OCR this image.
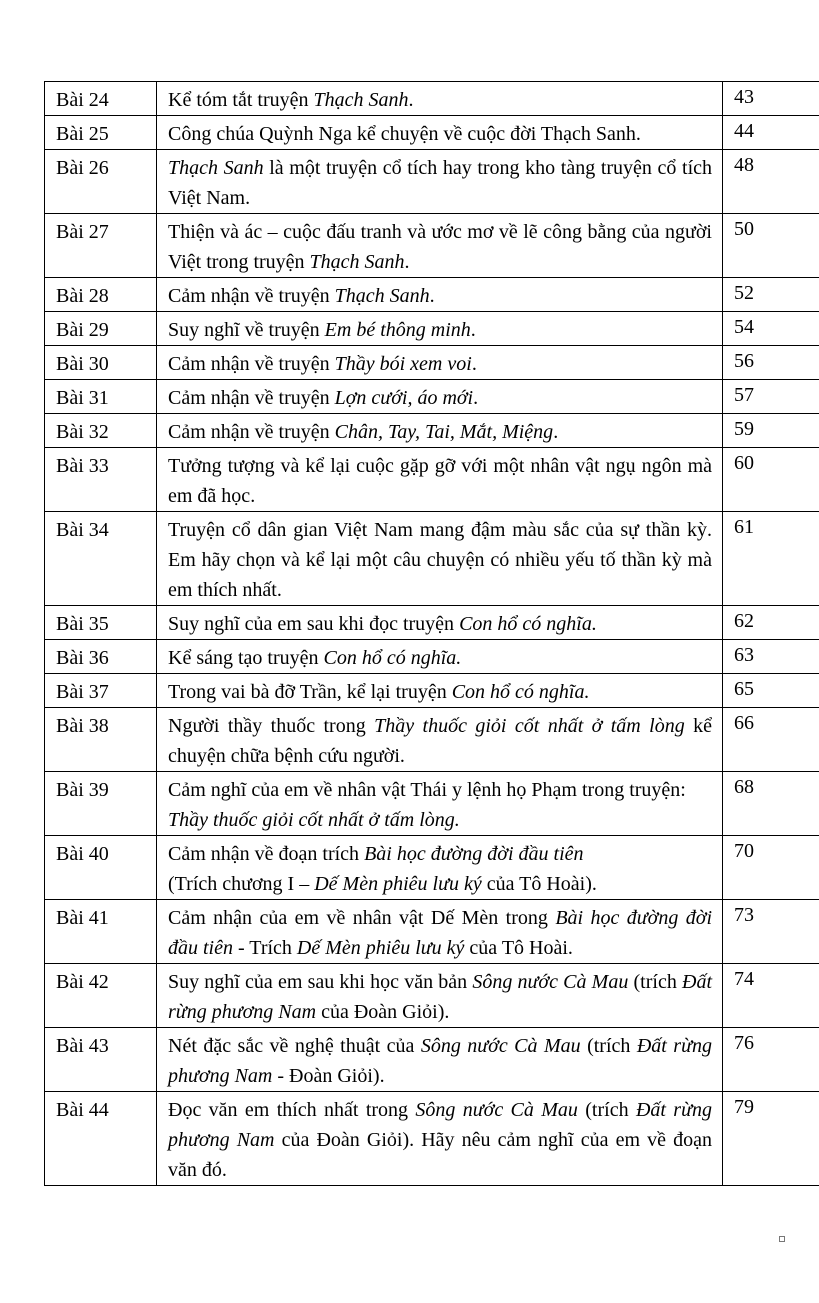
Bài 24	Kể tóm tắt truyện Thạch Sanh.	43
Bài 25	Công chúa Quỳnh Nga kể chuyện về cuộc đời Thạch Sanh.	44
Bài 26	Thạch Sanh là một truyện cổ tích hay trong kho tàng truyện cổ tích Việt Nam.	48
Bài 27	Thiện và ác – cuộc đấu tranh và ước mơ về lẽ công bằng của người Việt trong truyện Thạch Sanh.	50
Bài 28	Cảm nhận về truyện Thạch Sanh.	52
Bài 29	Suy nghĩ về truyện Em bé thông minh.	54
Bài 30	Cảm nhận về truyện Thầy bói xem voi.	56
Bài 31	Cảm nhận về truyện Lợn cưới, áo mới.	57
Bài 32	Cảm nhận về truyện Chân, Tay, Tai, Mắt, Miệng.	59
Bài 33	Tưởng tượng và kể lại cuộc gặp gỡ với một nhân vật ngụ ngôn mà em đã học.	60
Bài 34	Truyện cổ dân gian Việt Nam mang đậm màu sắc của sự thần kỳ. Em hãy chọn và kể lại một câu chuyện có nhiều yếu tố thần kỳ mà em thích nhất.	61
Bài 35	Suy nghĩ của em sau khi đọc truyện Con hổ có nghĩa.	62
Bài 36	Kể sáng tạo truyện Con hổ có nghĩa.	63
Bài 37	Trong vai bà đỡ Trần, kể lại truyện Con hổ có nghĩa.	65
Bài 38	Người thầy thuốc trong Thầy thuốc giỏi cốt nhất ở tấm lòng kể chuyện chữa bệnh cứu người.	66
Bài 39	Cảm nghĩ của em về nhân vật Thái y lệnh họ Phạm trong truyện:
Thầy thuốc giỏi cốt nhất ở tấm lòng.	68
Bài 40	Cảm nhận về đoạn trích Bài học đường đời đầu tiên
(Trích chương I – Dế Mèn phiêu lưu ký của Tô Hoài).	70
Bài 41	Cảm nhận của em về nhân vật Dế Mèn trong Bài học đường đời đầu tiên - Trích Dế Mèn phiêu lưu ký của Tô Hoài.	73
Bài 42	Suy nghĩ của em sau khi học văn bản Sông nước Cà Mau (trích Đất rừng phương Nam của Đoàn Giỏi).	74
Bài 43	Nét đặc sắc về nghệ thuật của Sông nước Cà Mau (trích Đất rừng phương Nam - Đoàn Giỏi).	76
Bài 44	Đọc văn em thích nhất trong Sông nước Cà Mau (trích Đất rừng phương Nam của Đoàn Giỏi). Hãy nêu cảm nghĩ của em về đoạn văn đó.	79
